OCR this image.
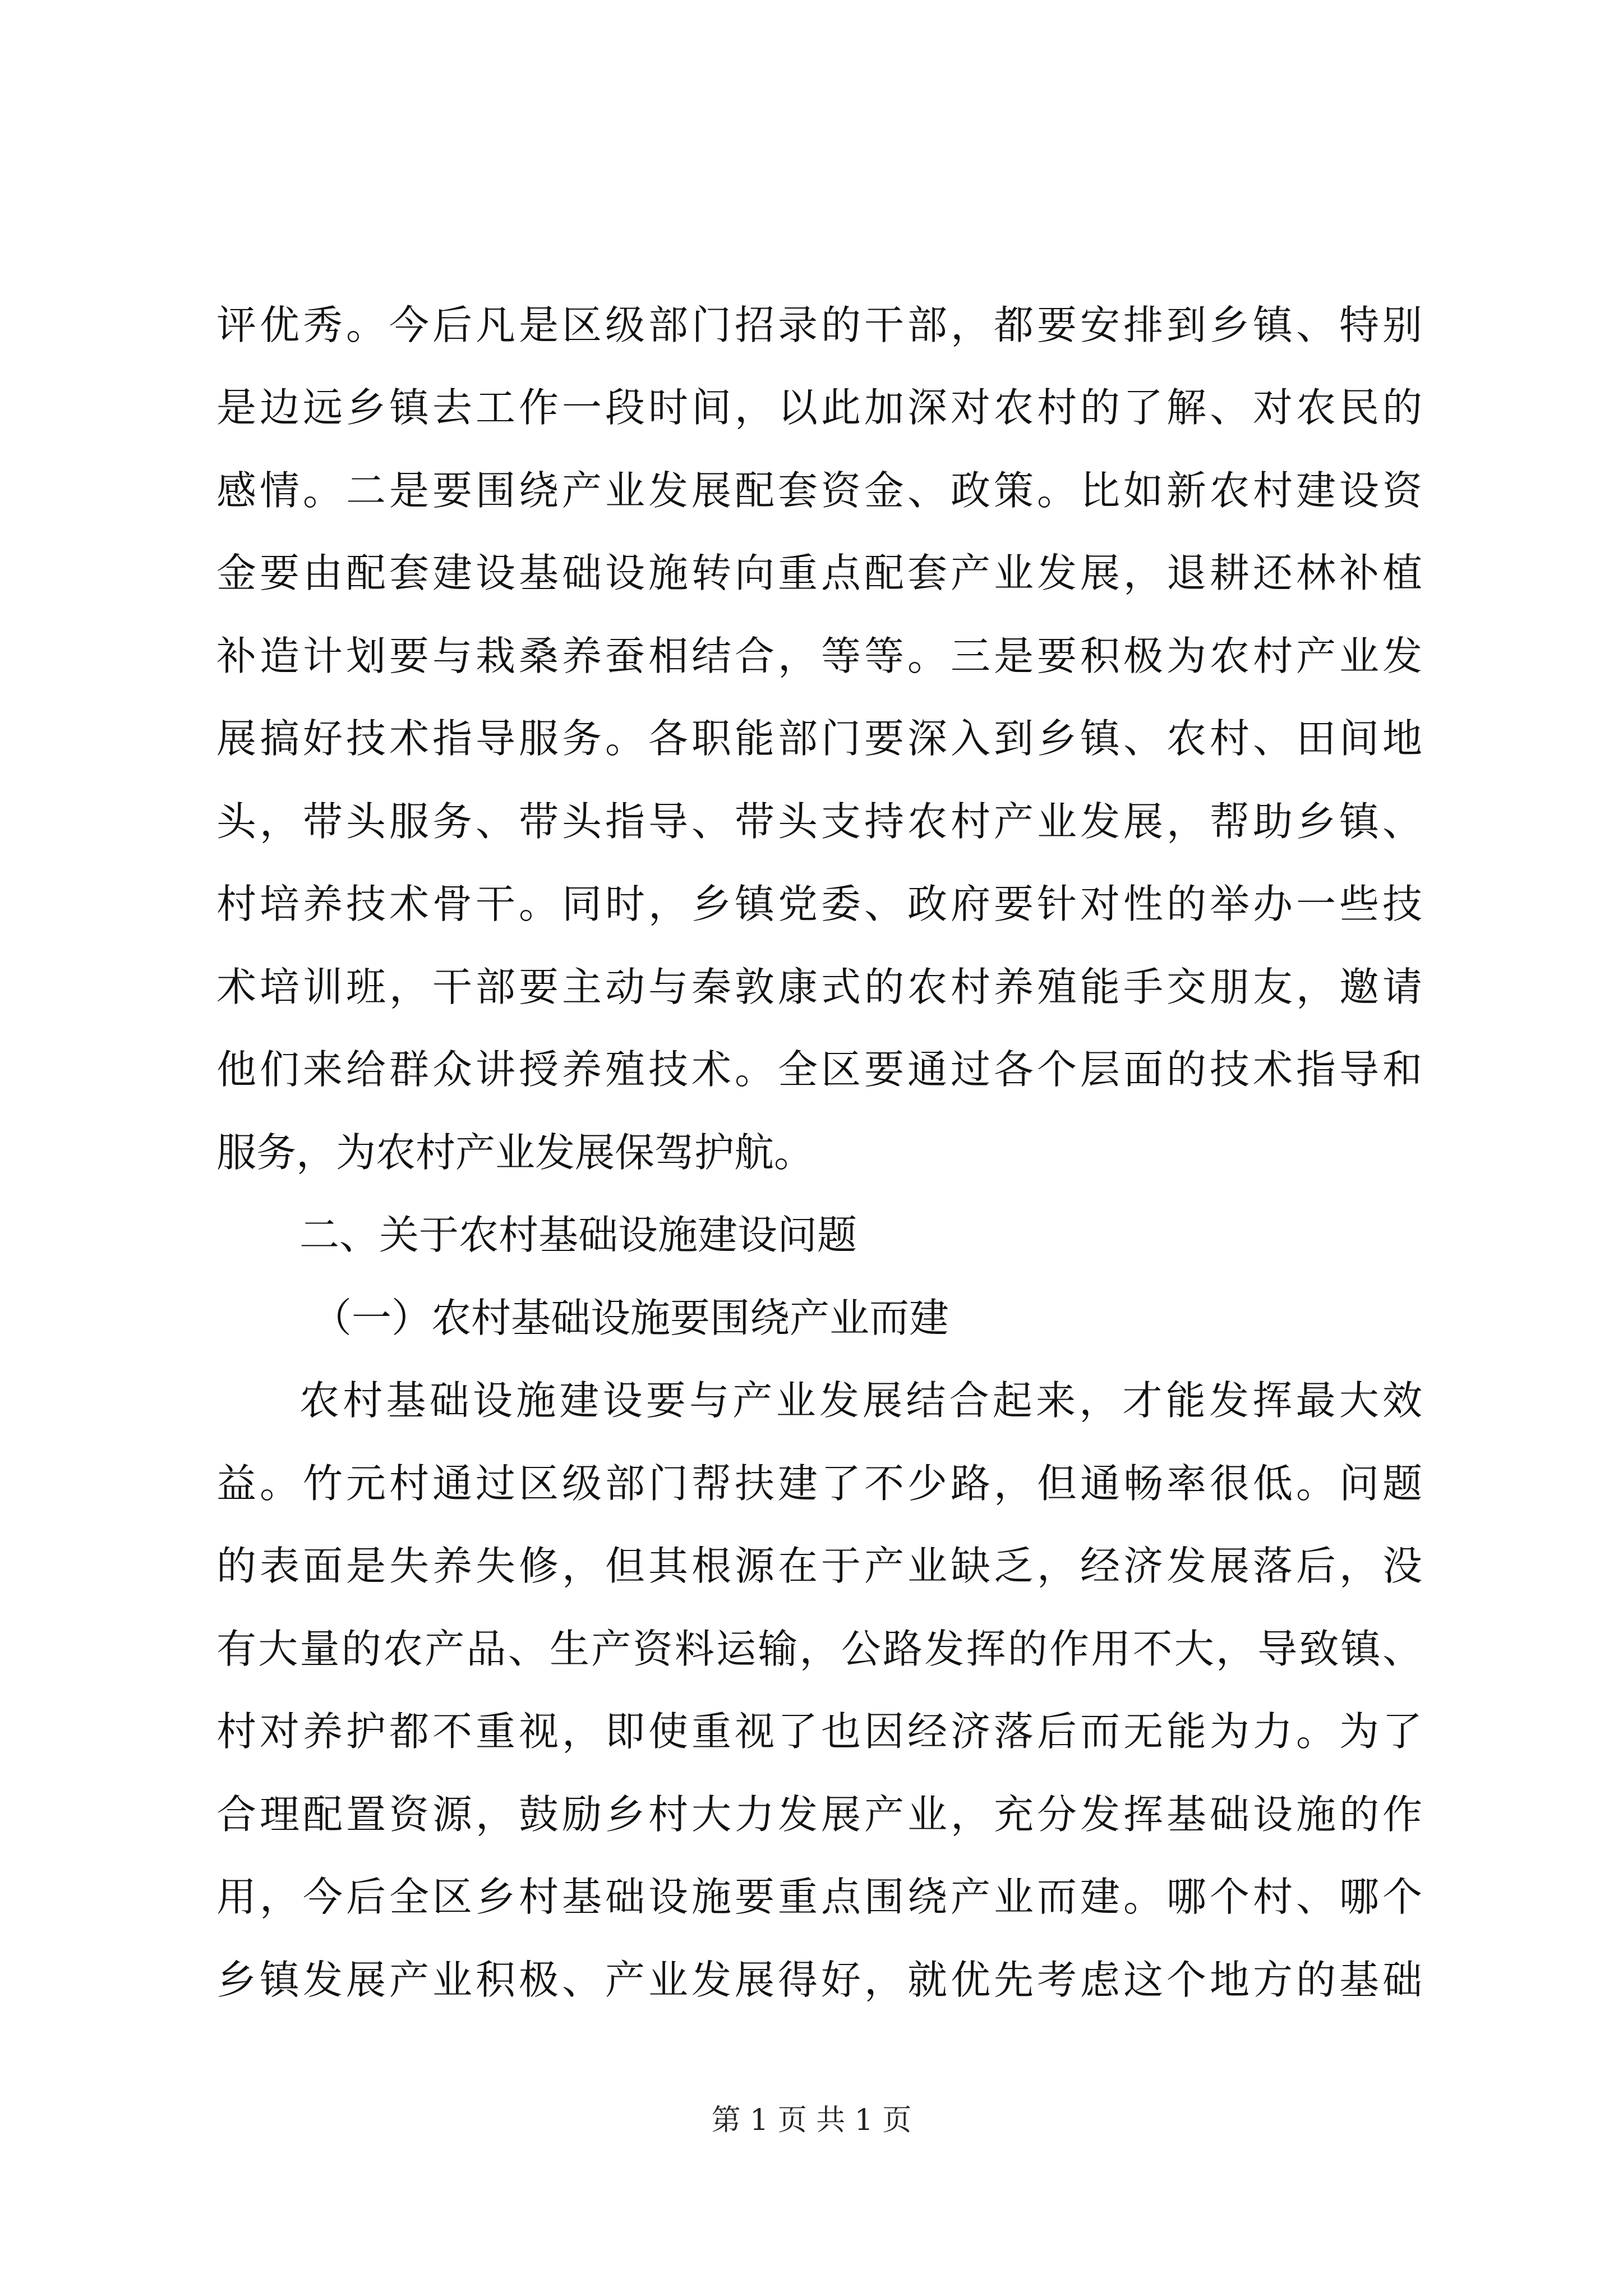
评优秀。今后凡是区级部门招录的干部，都要安排到乡镇、特别
是边远乡镇去工作一段时间，以此加深对农村的了解、对农民的
感情。二是要围绕产业发展配套资金、政策。比如新农村建设资
金要由配套建设基础设施转向重点配套产业发展，退耕还林补植
补造计划要与栽桑养蚕相结合，等等。三是要积极为农村产业发
展搞好技术指导服务。各职能部门要深入到乡镇、农村、田间地
头，带头服务、带头指导、带头支持农村产业发展，帮助乡镇、
村培养技术骨干。同时，乡镇党委、政府要针对性的举办一些技
术培训班，干部要主动与秦敦康式的农村养殖能手交朋友，邀请
他们来给群众讲授养殖技术。全区要通过各个层面的技术指导和
服务，为农村产业发展保驾护航。
二、关于农村基础设施建设问题
（一）农村基础设施要围绕产业而建
农村基础设施建设要与产业发展结合起来，才能发挥最大效
益。竹元村通过区级部门帮扶建了不少路，但通畅率很低。问题
的表面是失养失修，但其根源在于产业缺乏，经济发展落后，没
有大量的农产品、生产资料运输，公路发挥的作用不大，导致镇、
村对养护都不重视，即使重视了也因经济落后而无能为力。为了
合理配置资源，鼓励乡村大力发展产业，充分发挥基础设施的作
用，今后全区乡村基础设施要重点围绕产业而建。哪个村、哪个
乡镇发展产业积极、产业发展得好，就优先考虑这个地方的基础
第 1 页 共 1 页
